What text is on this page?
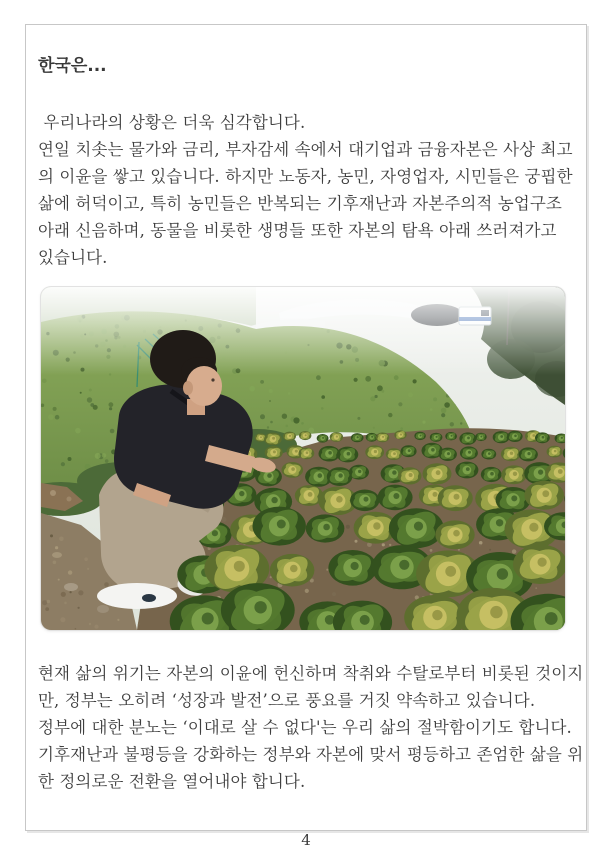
한국은...
우리나라의 상황은 더욱 심각합니다.
연일 치솟는 물가와 금리, 부자감세 속에서 대기업과 금융자본은 사상 최고
의 이윤을 쌓고 있습니다. 하지만 노동자, 농민, 자영업자, 시민들은 궁핍한
삶에 허덕이고, 특히 농민들은 반복되는 기후재난과 자본주의적 농업구조
아래 신음하며, 동물을 비롯한 생명들 또한 자본의 탐욕 아래 쓰러져가고
있습니다.
현재 삶의 위기는 자본의 이윤에 헌신하며 착취와 수탈로부터 비롯된 것이지
만, 정부는 오히려 ‘성장과 발전’으로 풍요를 거짓 약속하고 있습니다.
정부에 대한 분노는 ‘이대로 살 수 없다'는 우리 삶의 절박함이기도 합니다.
기후재난과 불평등을 강화하는 정부와 자본에 맞서 평등하고 존엄한 삶을 위
한 정의로운 전환을 열어내야 합니다.
4
